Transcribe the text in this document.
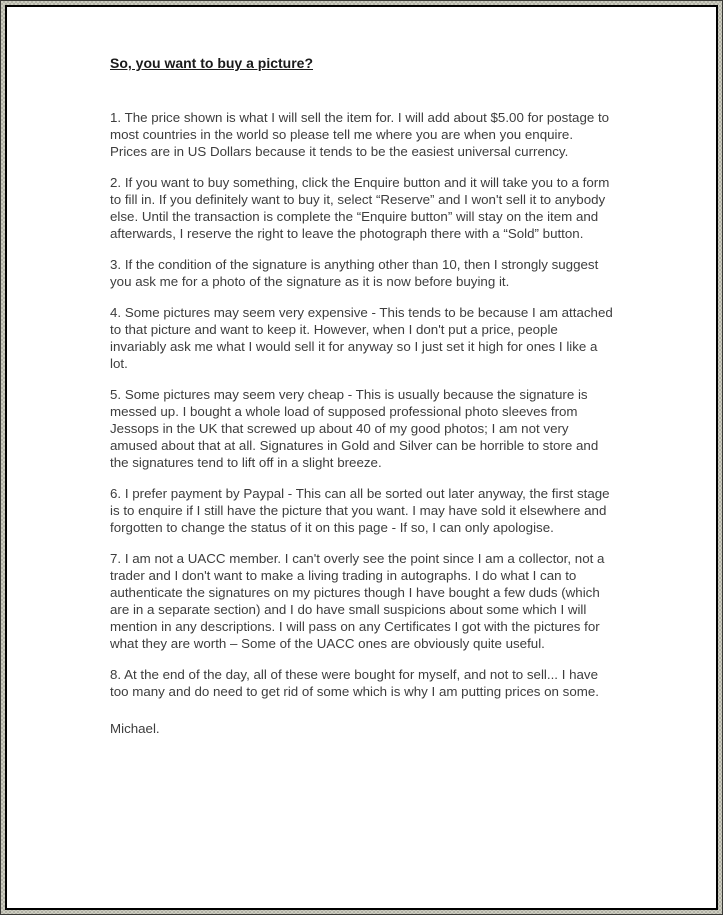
So, you want to buy a picture?

1. The price shown is what I will sell the item for. I will add about $5.00 for postage to most countries in the world so please tell me where you are when you enquire. Prices are in US Dollars because it tends to be the easiest universal currency.

2. If you want to buy something, click the Enquire button and it will take you to a form to fill in. If you definitely want to buy it, select “Reserve” and I won't sell it to anybody else. Until the transaction is complete the “Enquire button” will stay on the item and afterwards, I reserve the right to leave the photograph there with a “Sold” button.

3. If the condition of the signature is anything other than 10, then I strongly suggest you ask me for a photo of the signature as it is now before buying it.

4. Some pictures may seem very expensive - This tends to be because I am attached to that picture and want to keep it. However, when I don't put a price, people invariably ask me what I would sell it for anyway so I just set it high for ones I like a lot.

5. Some pictures may seem very cheap - This is usually because the signature is messed up. I bought a whole load of supposed professional photo sleeves from Jessops in the UK that screwed up about 40 of my good photos; I am not very amused about that at all. Signatures in Gold and Silver can be horrible to store and the signatures tend to lift off in a slight breeze.

6. I prefer payment by Paypal - This can all be sorted out later anyway, the first stage is to enquire if I still have the picture that you want. I may have sold it elsewhere and forgotten to change the status of it on this page - If so, I can only apologise.

7. I am not a UACC member. I can't overly see the point since I am a collector, not a trader and I don't want to make a living trading in autographs. I do what I can to authenticate the signatures on my pictures though I have bought a few duds (which are in a separate section) and I do have small suspicions about some which I will mention in any descriptions. I will pass on any Certificates I got with the pictures for what they are worth – Some of the UACC ones are obviously quite useful.

8. At the end of the day, all of these were bought for myself, and not to sell... I have too many and do need to get rid of some which is why I am putting prices on some.

Michael.
